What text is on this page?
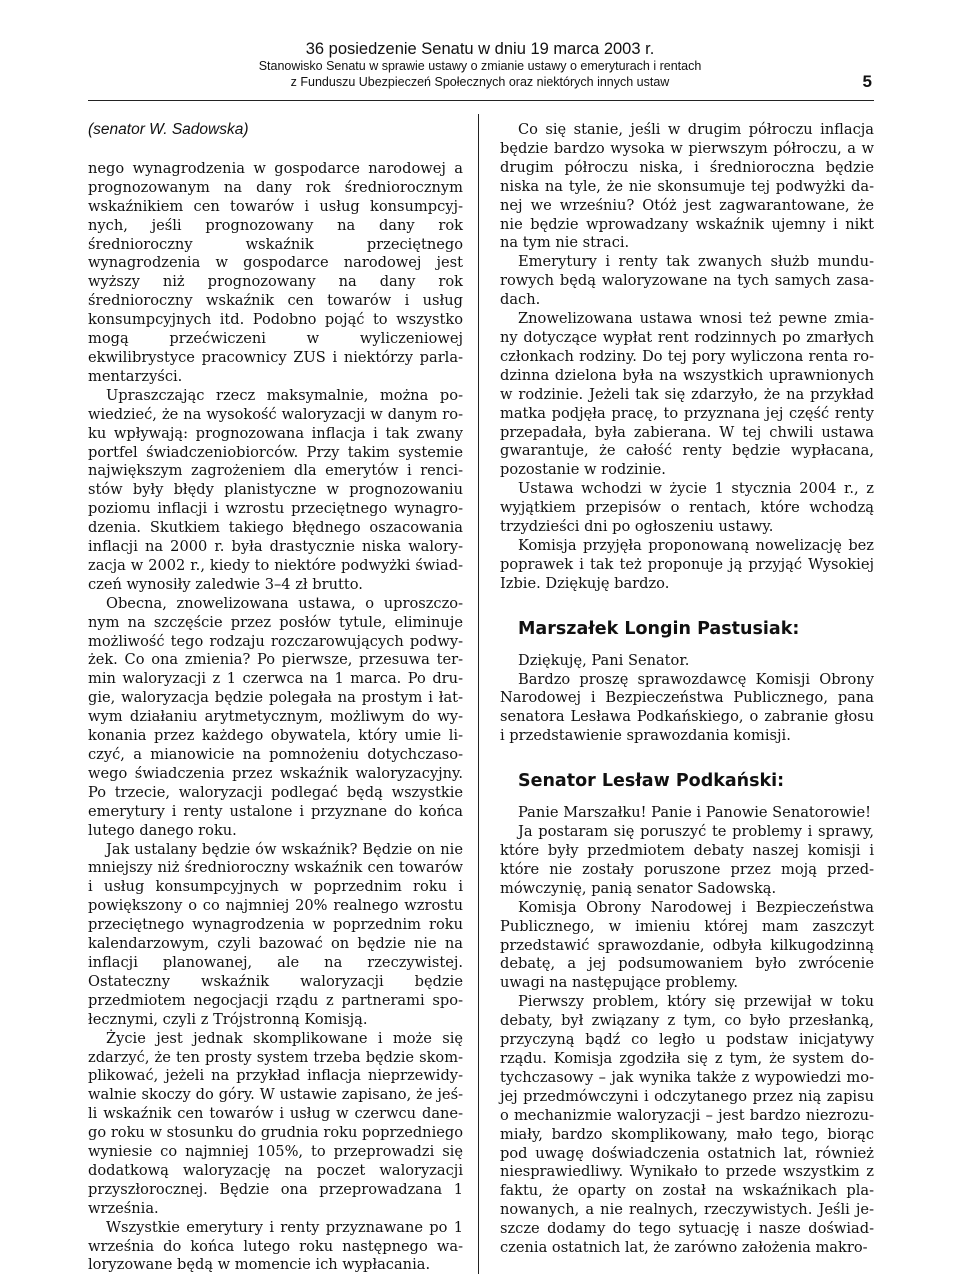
36 posiedzenie Senatu w dniu 19 marca 2003 r.
Stanowisko Senatu w sprawie ustawy o zmianie ustawy o emeryturach i rentach
z Funduszu Ubezpieczeń Społecznych oraz niektórych innych ustaw	5
(senator W. Sadowska)

nego wynagrodzenia w gospodarce narodowej a prognozowanym na dany rok średniorocznym wskaźnikiem cen towarów i usług konsumpcyjnych, jeśli prognozowany na dany rok średnioroczny wskaźnik przeciętnego wynagrodzenia w gospodarce narodowej jest wyższy niż prognozowany na dany rok średnioroczny wskaźnik cen towarów i usług konsumpcyjnych itd. Podobno pojąć to wszystko mogą przećwiczeni w wyliczeniowej ekwilibrystyce pracownicy ZUS i niektórzy parlamentarzyści.

Upraszczając rzecz maksymalnie, można powiedzieć, że na wysokość waloryzacji w danym roku wpływają: prognozowana inflacja i tak zwany portfel świadczeniobiorców. Przy takim systemie największym zagrożeniem dla emerytów i rencistów były błędy planistyczne w prognozowaniu poziomu inflacji i wzrostu przeciętnego wynagrodzenia. Skutkiem takiego błędnego oszacowania inflacji na 2000 r. była drastycznie niska waloryzacja w 2002 r., kiedy to niektóre podwyżki świadczeń wynosiły zaledwie 3–4 zł brutto.

Obecna, znowelizowana ustawa, o uproszczonym na szczęście przez posłów tytule, eliminuje możliwość tego rodzaju rozczarowujących podwyżek. Co ona zmienia? Po pierwsze, przesuwa termin waloryzacji z 1 czerwca na 1 marca. Po drugie, waloryzacja będzie polegała na prostym i łatwym działaniu arytmetycznym, możliwym do wykonania przez każdego obywatela, który umie liczyć, a mianowicie na pomnożeniu dotychczasowego świadczenia przez wskaźnik waloryzacyjny. Po trzecie, waloryzacji podlegać będą wszystkie emerytury i renty ustalone i przyznane do końca lutego danego roku.

Jak ustalany będzie ów wskaźnik? Będzie on nie mniejszy niż średnioroczny wskaźnik cen towarów i usług konsumpcyjnych w poprzednim roku i powiększony o co najmniej 20% realnego wzrostu przeciętnego wynagrodzenia w poprzednim roku kalendarzowym, czyli bazować on będzie nie na inflacji planowanej, ale na rzeczywistej. Ostateczny wskaźnik waloryzacji będzie przedmiotem negocjacji rządu z partnerami społecznymi, czyli z Trójstronną Komisją.

Życie jest jednak skomplikowane i może się zdarzyć, że ten prosty system trzeba będzie skomplikować, jeżeli na przykład inflacja nieprzewidywalnie skoczy do góry. W ustawie zapisano, że jeśli wskaźnik cen towarów i usług w czerwcu danego roku w stosunku do grudnia roku poprzedniego wyniesie co najmniej 105%, to przeprowadzi się dodatkową waloryzację na poczet waloryzacji przyszłorocznej. Będzie ona przeprowadzana 1 września.

Wszystkie emerytury i renty przyznawane po 1 września do końca lutego roku następnego waloryzowane będą w momencie ich wypłacania.

Co się stanie, jeśli w drugim półroczu inflacja będzie bardzo wysoka w pierwszym półroczu, a w drugim półroczu niska, i średnioroczna będzie niska na tyle, że nie skonsumuje tej podwyżki danej we wrześniu? Otóż jest zagwarantowane, że nie będzie wprowadzany wskaźnik ujemny i nikt na tym nie straci.

Emerytury i renty tak zwanych służb mundurowych będą waloryzowane na tych samych zasadach.

Znowelizowana ustawa wnosi też pewne zmiany dotyczące wypłat rent rodzinnych po zmarłych członkach rodziny. Do tej pory wyliczona renta rodzinna dzielona była na wszystkich uprawnionych w rodzinie. Jeżeli tak się zdarzyło, że na przykład matka podjęła pracę, to przyznana jej część renty przepadała, była zabierana. W tej chwili ustawa gwarantuje, że całość renty będzie wypłacana, pozostanie w rodzinie.

Ustawa wchodzi w życie 1 stycznia 2004 r., z wyjątkiem przepisów o rentach, które wchodzą trzydzieści dni po ogłoszeniu ustawy.

Komisja przyjęła proponowaną nowelizację bez poprawek i tak też proponuje ją przyjąć Wysokiej Izbie. Dziękuję bardzo.

Marszałek Longin Pastusiak:

Dziękuję, Pani Senator.

Bardzo proszę sprawozdawcę Komisji Obrony Narodowej i Bezpieczeństwa Publicznego, pana senatora Lesława Podkańskiego, o zabranie głosu i przedstawienie sprawozdania komisji.

Senator Lesław Podkański:

Panie Marszałku! Panie i Panowie Senatorowie!

Ja postaram się poruszyć te problemy i sprawy, które były przedmiotem debaty naszej komisji i które nie zostały poruszone przez moją przedmówczynię, panią senator Sadowską.

Komisja Obrony Narodowej i Bezpieczeństwa Publicznego, w imieniu której mam zaszczyt przedstawić sprawozdanie, odbyła kilkugodzinną debatę, a jej podsumowaniem było zwrócenie uwagi na następujące problemy.

Pierwszy problem, który się przewijał w toku debaty, był związany z tym, co było przesłanką, przyczyną bądź co legło u podstaw inicjatywy rządu. Komisja zgodziła się z tym, że system dotychczasowy – jak wynika także z wypowiedzi mojej przedmówczyni i odczytanego przez nią zapisu o mechanizmie waloryzacji – jest bardzo niezrozumiały, bardzo skomplikowany, mało tego, biorąc pod uwagę doświadczenia ostatnich lat, również niesprawiedliwy. Wynikało to przede wszystkim z faktu, że oparty on został na wskaźnikach planowanych, a nie realnych, rzeczywistych. Jeśli jeszcze dodamy do tego sytuację i nasze doświadczenia ostatnich lat, że zarówno założenia makro-
